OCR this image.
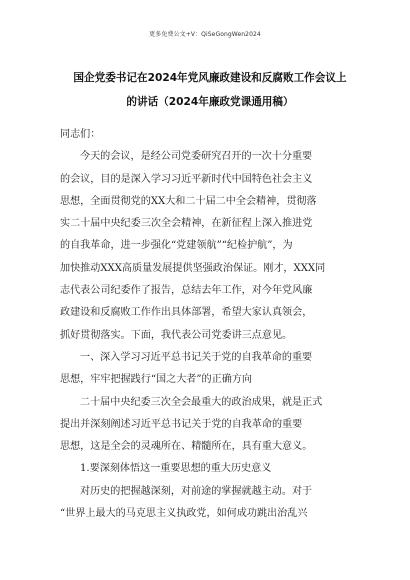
更多免费公文+V：QiSeGongWen2024
国企党委书记在2024年党风廉政建设和反腐败工作会议上
的讲话（2024年廉政党课通用稿）
同志们：
今天的会议，是经公司党委研究召开的一次十分重要
的会议，目的是深入学习习近平新时代中国特色社会主义
思想，全面贯彻党的XX大和二十届二中全会精神，贯彻落
实二十届中央纪委三次全会精神，在新征程上深入推进党
的自我革命，进一步强化“党建领航”“纪检护航”，为
加快推动XXX高质量发展提供坚强政治保证。刚才，XXX同
志代表公司纪委作了报告，总结去年工作，对今年党风廉
政建设和反腐败工作作出具体部署，希望大家认真领会，
抓好贯彻落实。下面，我代表公司党委讲三点意见。
一、深入学习习近平总书记关于党的自我革命的重要
思想，牢牢把握践行“国之大者”的正确方向
二十届中央纪委三次全会最重大的政治成果，就是正式
提出并深刻阐述习近平总书记关于党的自我革命的重要
思想，这是全会的灵魂所在、精髓所在，具有重大意义。
1.要深刻体悟这一重要思想的重大历史意义
对历史的把握越深刻，对前途的掌握就越主动。对于
“世界上最大的马克思主义执政党，如何成功跳出治乱兴
